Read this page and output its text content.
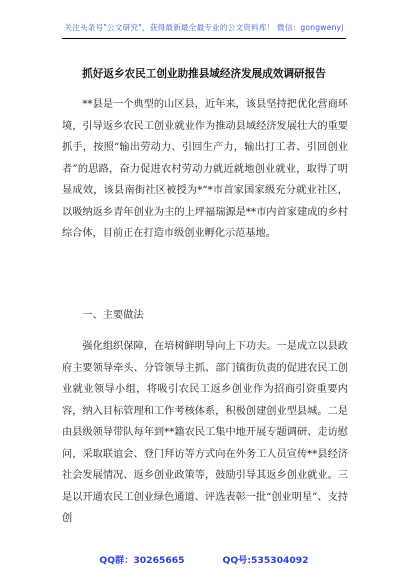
关注头条号"公文研究"，获得最新最全最专业的公文资料库！ 微信：gongwenyj
抓好返乡农民工创业助推县域经济发展成效调研报告

**县是一个典型的山区县，近年来，该县坚持把优化营商环境，引导返乡农民工创业就业作为推动县域经济发展壮大的重要抓手，按照“输出劳动力、引回生产力，输出打工者、引回创业者”的思路，奋力促进农村劳动力就近就地创业就业，取得了明显成效，该县南街社区被授为*“*市首家国家级充分就业社区，以吸纳返乡青年创业为主的上坪福瑞源是**市内首家建成的乡村综合体，目前正在打造市级创业孵化示范基地。

一、主要做法

强化组织保障，在培树鲜明导向上下功夫。一是成立以县政府主要领导牵头、分管领导主抓、部门镇街负责的促进农民工创业就业领导小组，将吸引农民工返乡创业作为招商引资重要内容，纳入目标管理和工作考核体系，积极创建创业型县城。二是由县级领导带队每年到**籍农民工集中地开展专题调研、走访慰问，采取联谊会、登门拜访等方式向在外务工人员宣传**县经济社会发展情况、返乡创业政策等，鼓励引导其返乡创业就业。三是以开通农民工创业绿色通道、评选表彰一批“创业明星”、支持创

QQ群：30265665	QQ号:535304092
